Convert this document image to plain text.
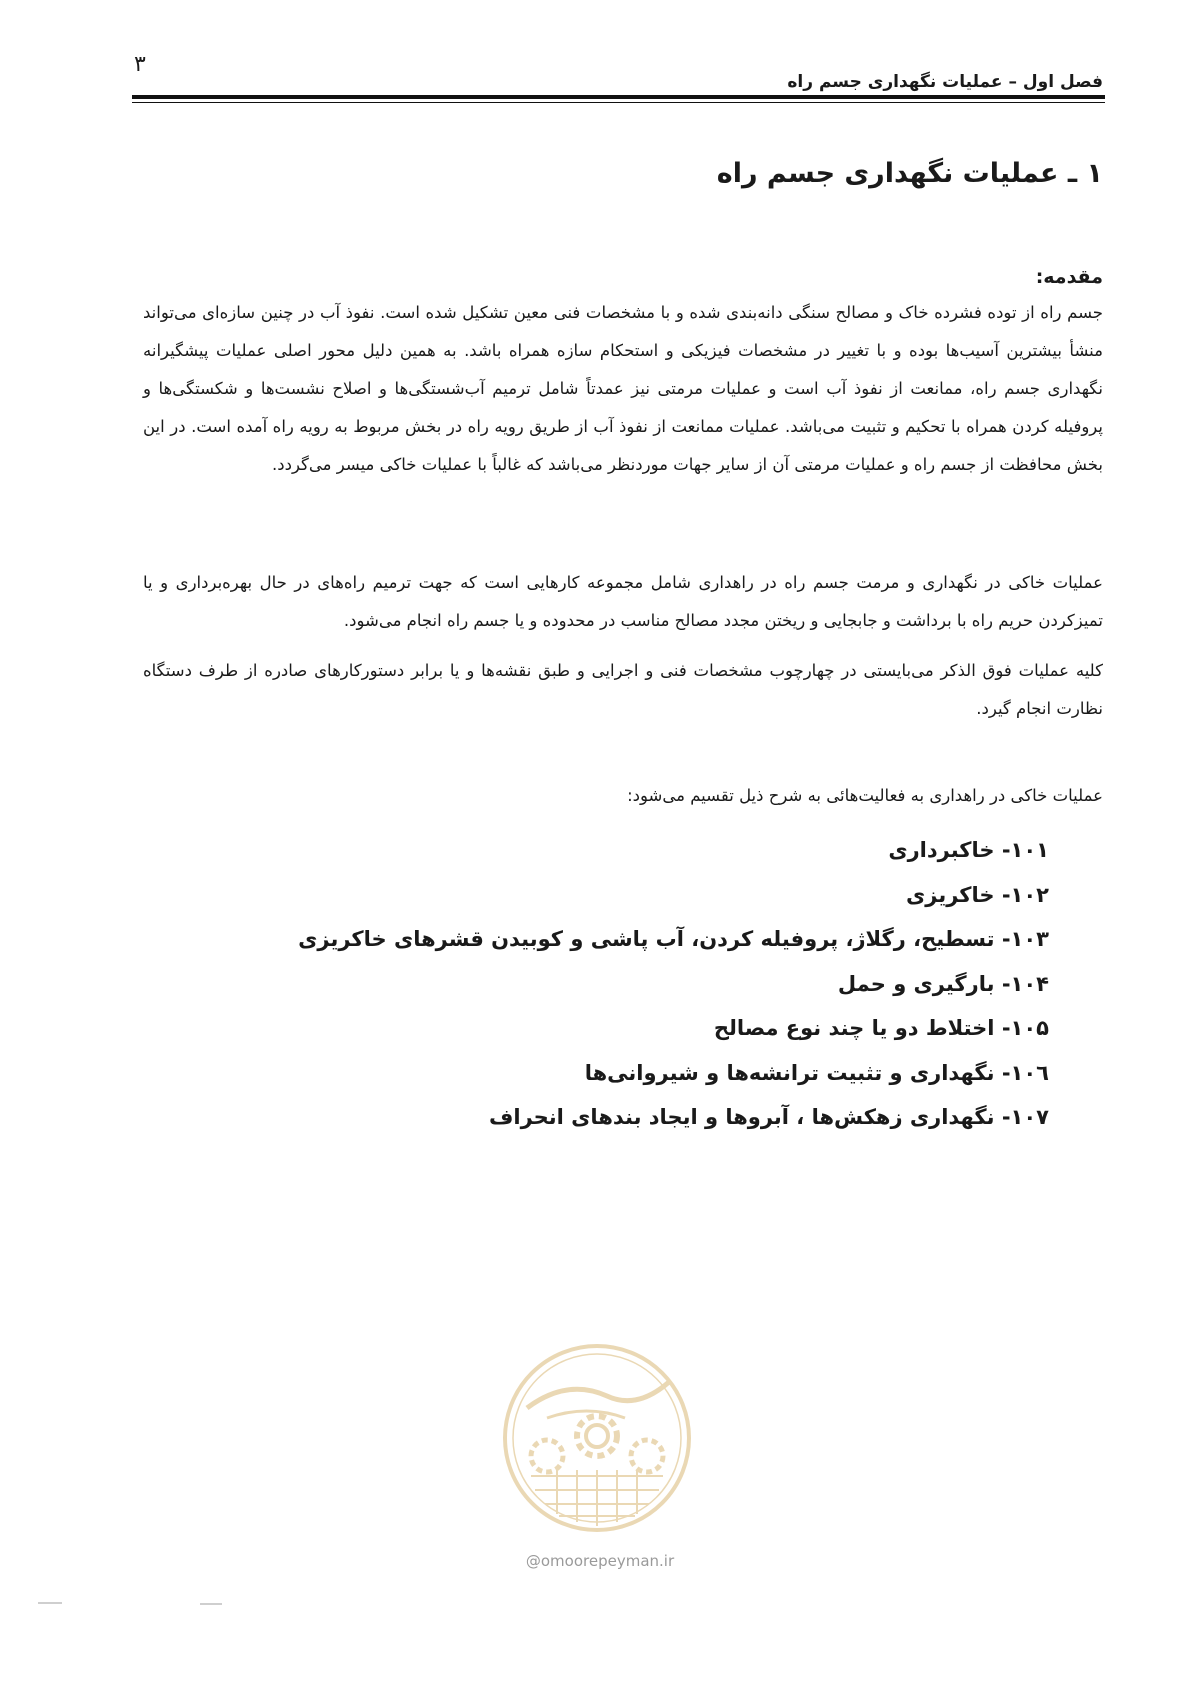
۳
فصل اول – عملیات نگهداری جسم راه
۱ ـ عملیات نگهداری جسم راه
مقدمه:

جسم راه از توده فشرده خاک و مصالح سنگی دانه‌بندی شده و با مشخصات فنی معین تشکیل شده است. نفوذ آب در چنین سازه‌ای می‌تواند منشأ بیشترین آسیب‌ها بوده و با تغییر در مشخصات فیزیکی و استحکام سازه همراه باشد. به همین دلیل محور اصلی عملیات پیشگیرانه نگهداری جسم راه، ممانعت از نفوذ آب است و عملیات مرمتی نیز عمدتاً شامل ترمیم آب‌شستگی‌ها و اصلاح نشست‌ها و شکستگی‌ها و پروفیله کردن همراه با تحکیم و تثبیت می‌باشد. عملیات ممانعت از نفوذ آب از طریق رویه راه در بخش مربوط به رویه راه آمده است. در این بخش محافظت از جسم راه و عملیات مرمتی آن از سایر جهات موردنظر می‌باشد که غالباً با عملیات خاکی میسر می‌گردد.

عملیات خاکی در نگهداری و مرمت جسم راه در راهداری شامل مجموعه کارهایی است که جهت ترمیم راه‌های در حال بهره‌برداری و یا تمیزکردن حریم راه با برداشت و جابجایی و ریختن مجدد مصالح مناسب در محدوده و یا جسم راه انجام می‌شود.

کلیه عملیات فوق الذکر می‌بایستی در چهارچوب مشخصات فنی و اجرایی و طبق نقشه‌ها و یا برابر دستورکارهای صادره از طرف دستگاه نظارت انجام گیرد.

عملیات خاکی در راهداری به فعالیت‌هائی به شرح ذیل تقسیم می‌شود:
۱۰۱- خاکبرداری
۱۰۲- خاکریزی
۱۰۳- تسطیح، رگلاژ، پروفیله کردن، آب پاشی و کوبیدن قشرهای خاکریزی
۱۰۴- بارگیری و حمل
۱۰۵- اختلاط دو یا چند نوع مصالح
۱۰٦- نگهداری و تثبیت ترانشه‌ها و شیروانی‌ها
۱۰۷- نگهداری زهکش‌ها ، آبروها و ایجاد بندهای انحراف
@omoorepeyman.ir
